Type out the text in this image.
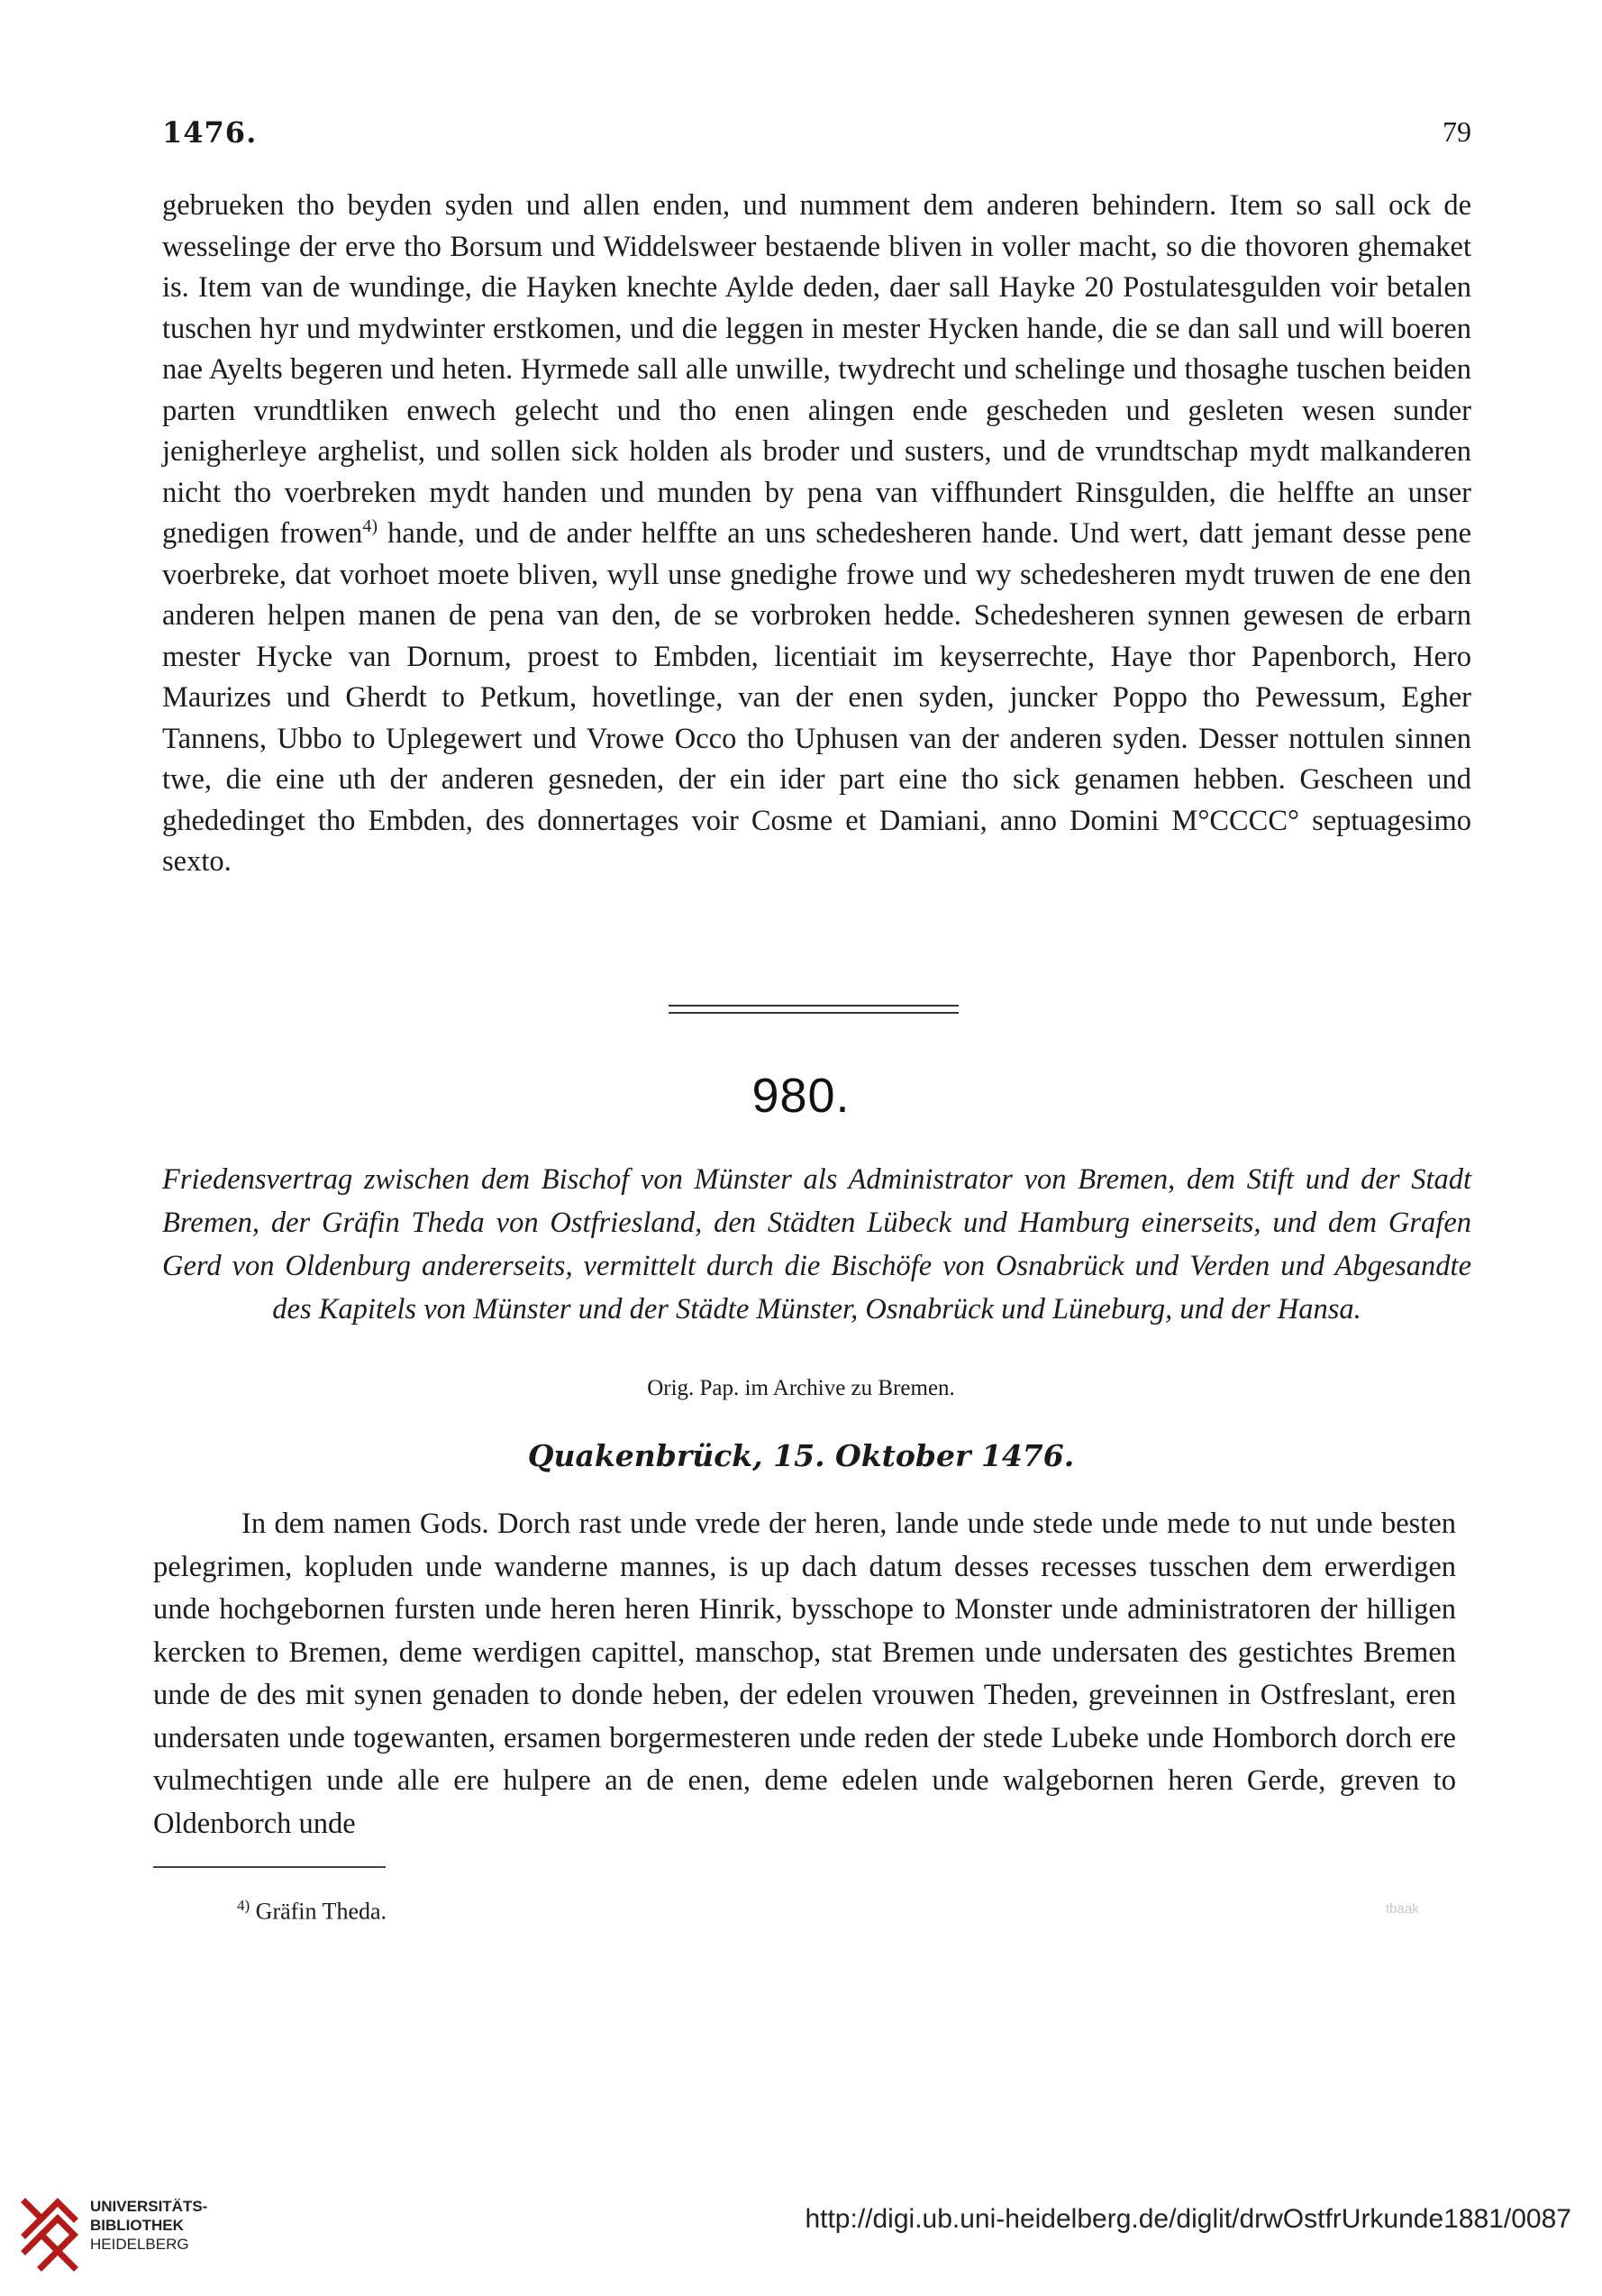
1476.	79
gebrueken tho beyden syden und allen enden, und numment dem anderen behindern. Item so sall ock de wesselinge der erve tho Borsum und Widdelsweer bestaende bliven in voller macht, so die thovoren ghemaket is. Item van de wundinge, die Hayken knechte Aylde deden, daer sall Hayke 20 Postulatesgulden voir betalen tuschen hyr und mydwinter erstkomen, und die leggen in mester Hycken hande, die se dan sall und will boeren nae Ayelts begeren und heten. Hyrmede sall alle unwille, twydrecht und schelinge und thosaghe tuschen beiden parten vrundtliken enwech gelecht und tho enen alingen ende gescheden und gesleten wesen sunder jenigherleye arghelist, und sollen sick holden als broder und susters, und de vrundtschap mydt malkanderen nicht tho voerbreken mydt handen und munden by pena van viffhundert Rinsgulden, die helffte an unser gnedigen frowen$^{4)}$ hande, und de ander helffte an uns schedesheren hande. Und wert, datt jemant desse pene voerbreke, dat vorhoet moete bliven, wyll unse gnedighe frowe und wy schedesheren mydt truwen de ene den anderen helpen manen de pena van den, de se vorbroken hedde. Schedesheren synnen gewesen de erbarn mester Hycke van Dornum, proest to Embden, licentiait im keyserrechte, Haye thor Papenborch, Hero Maurizes und Gherdt to Petkum, hovetlinge, van der enen syden, juncker Poppo tho Pewessum, Egher Tannens, Ubbo to Uplegewert und Vrowe Occo tho Uphusen van der anderen syden. Desser nottulen sinnen twe, die eine uth der anderen gesneden, der ein ider part eine tho sick genamen hebben. Gescheen und ghededinget tho Embden, des donnertages voir Cosme et Damiani, anno Domini M°CCCC° septuagesimo sexto.
980.
Friedensvertrag zwischen dem Bischof von Münster als Administrator von Bremen, dem Stift und der Stadt Bremen, der Gräfin Theda von Ostfriesland, den Städten Lübeck und Hamburg einerseits, und dem Grafen Gerd von Oldenburg andererseits, vermittelt durch die Bischöfe von Osnabrück und Verden und Abgesandte des Kapitels von Münster und der Städte Münster, Osnabrück und Lüneburg, und der Hansa.
Orig. Pap. im Archive zu Bremen.
Quakenbrück, 15. Oktober 1476.
In dem namen Gods. Dorch rast unde vrede der heren, lande unde stede unde mede to nut unde besten pelegrimen, kopluden unde wanderne mannes, is up dach datum desses recesses tusschen dem erwerdigen unde hochgebornen fursten unde heren heren Hinrik, bysschope to Monster unde administratoren der hilligen kercken to Bremen, deme werdigen capittel, manschop, stat Bremen unde undersaten des gestichtes Bremen unde de des mit synen genaden to donde heben, der edelen vrouwen Theden, greveinnen in Ostfreslant, eren undersaten unde togewanten, ersamen borgermesteren unde reden der stede Lubeke unde Homborch dorch ere vulmechtigen unde alle ere hulpere an de enen, deme edelen unde walgebornen heren Gerde, greven to Oldenborch unde
$^{4)}$ Gräfin Theda.	tbaak
UNIVERSITÄTS-
BIBLIOTHEK
HEIDELBERG
http://digi.ub.uni-heidelberg.de/diglit/drwOstfrUrkunde1881/0087
